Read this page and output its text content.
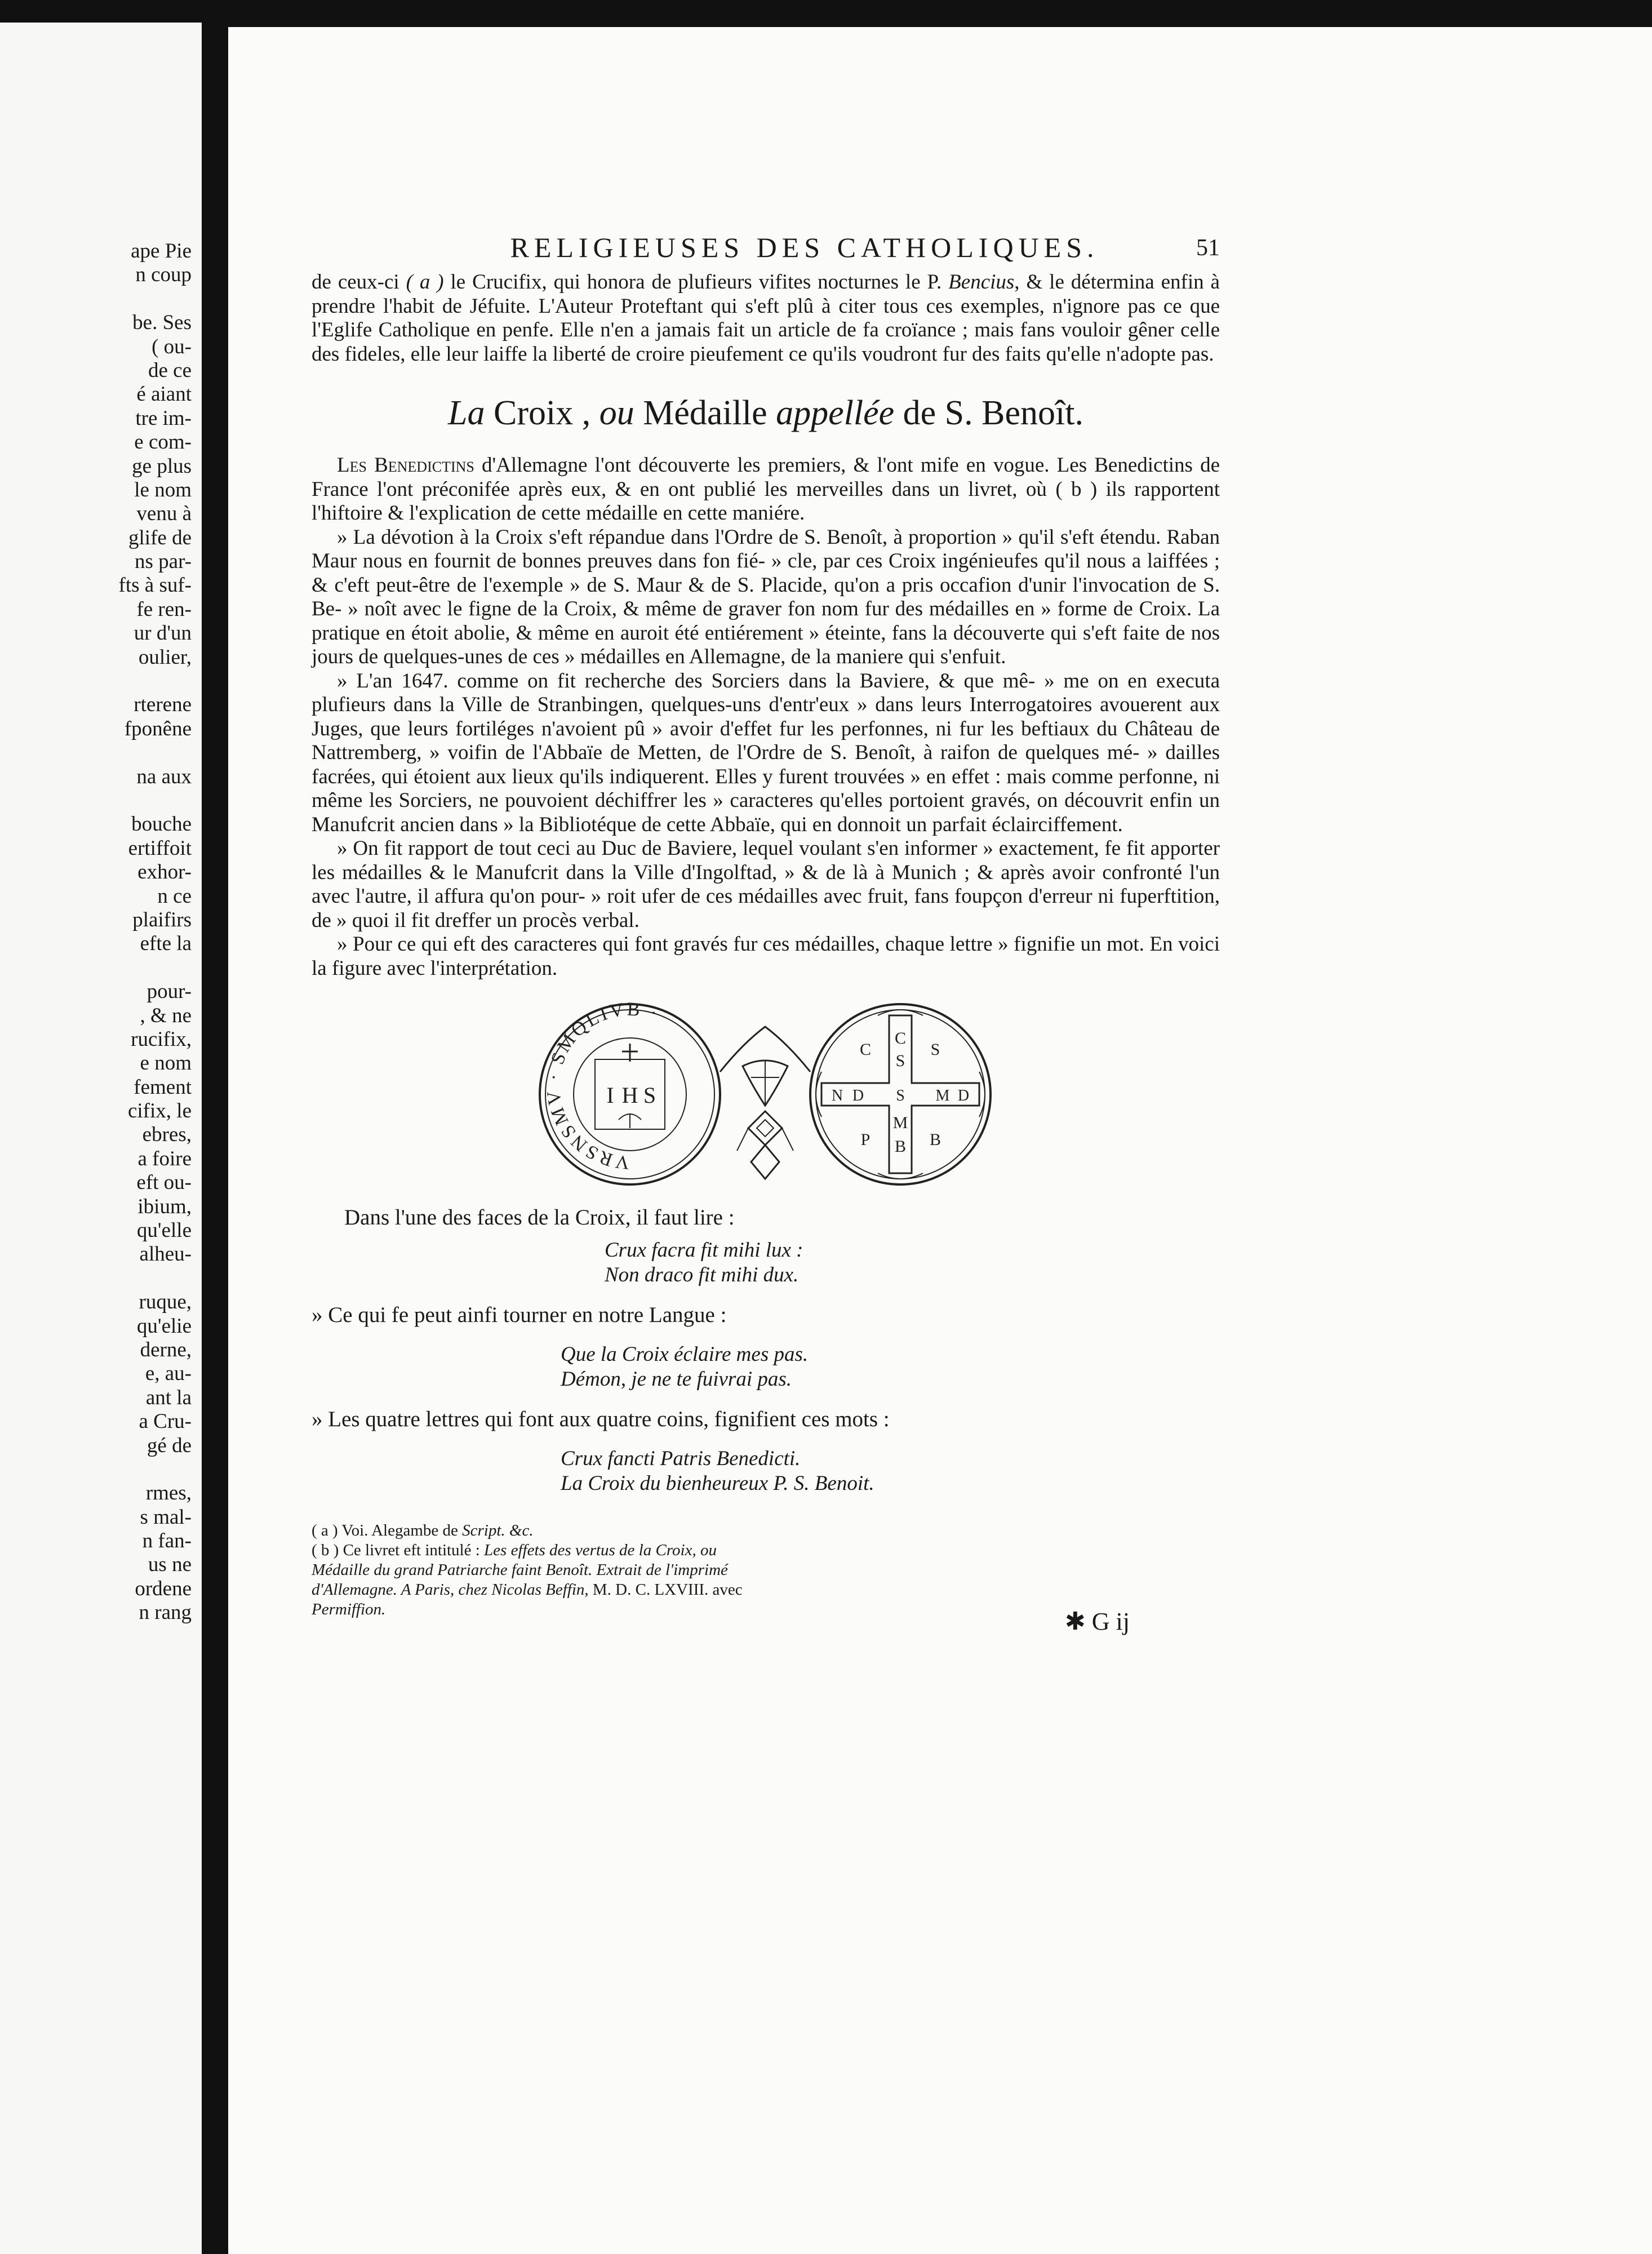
ape Pie
n coup

be. Ses
( ou-
de ce
é aiant
tre im-
e com-
ge plus
le nom
venu à
glife de
ns par-
fts à suf-
fe ren-
ur d'un
oulier,

rterene
fponêne

na aux

bouche
ertiffoit
exhor-
n ce
plaifirs
efte la

pour-
, & ne
rucifix,
e nom
fement
cifix, le
ebres,
a foire
eft ou-
ibium,
qu'elle
alheu-

ruque,
qu'elie
derne,
e, au-
ant la
a Cru-
gé de

rmes,
s mal-
n fan-
us ne
ordene
n rang
RELIGIEUSES DES CATHOLIQUES.	51

de ceux-ci ( a ) le Crucifix, qui honora de plufieurs vifites nocturnes le P. Bencius, & le détermina enfin à prendre l'habit de Jéfuite. L'Auteur Proteftant qui s'eft plû à citer tous ces exemples, n'ignore pas ce que l'Eglife Catholique en penfe. Elle n'en a jamais fait un article de fa croïance ; mais fans vouloir gêner celle des fideles, elle leur laiffe la liberté de croire pieufement ce qu'ils voudront fur des faits qu'elle n'adopte pas.

La Croix , ou Médaille appellée de S. Benoît.

Les Benedictins d'Allemagne l'ont découverte les premiers, & l'ont mife en vogue. Les Benedictins de France l'ont préconifée après eux, & en ont publié les merveilles dans un livret, où ( b ) ils rapportent l'hiftoire & l'explication de cette médaille en cette maniére.

» La dévotion à la Croix s'eft répandue dans l'Ordre de S. Benoît, à proportion » qu'il s'eft étendu. Raban Maur nous en fournit de bonnes preuves dans fon fié- » cle, par ces Croix ingénieufes qu'il nous a laiffées ; & c'eft peut-être de l'exemple » de S. Maur & de S. Placide, qu'on a pris occafion d'unir l'invocation de S. Be- » noît avec le figne de la Croix, & même de graver fon nom fur des médailles en » forme de Croix. La pratique en étoit abolie, & même en auroit été entiérement » éteinte, fans la découverte qui s'eft faite de nos jours de quelques-unes de ces » médailles en Allemagne, de la maniere qui s'enfuit.

» L'an 1647. comme on fit recherche des Sorciers dans la Baviere, & que mê- » me on en executa plufieurs dans la Ville de Stranbingen, quelques-uns d'entr'eux » dans leurs Interrogatoires avouerent aux Juges, que leurs fortiléges n'avoient pû » avoir d'effet fur les perfonnes, ni fur les beftiaux du Château de Nattremberg, » voifin de l'Abbaïe de Metten, de l'Ordre de S. Benoît, à raifon de quelques mé- » dailles facrées, qui étoient aux lieux qu'ils indiquerent. Elles y furent trouvées » en effet : mais comme perfonne, ni même les Sorciers, ne pouvoient déchiffrer les » caracteres qu'elles portoient gravés, on découvrit enfin un Manufcrit ancien dans » la Bibliotéque de cette Abbaïe, qui en donnoit un parfait éclairciffement.

» On fit rapport de tout ceci au Duc de Baviere, lequel voulant s'en informer » exactement, fe fit apporter les médailles & le Manufcrit dans la Ville d'Ingolftad, » & de là à Munich ; & après avoir confronté l'un avec l'autre, il affura qu'on pour- » roit ufer de ces médailles avec fruit, fans foupçon d'erreur ni fuperftition, de » quoi il fit dreffer un procès verbal.

» Pour ce qui eft des caracteres qui font gravés fur ces médailles, chaque lettre » fignifie un mot. En voici la figure avec l'interprétation.

VRSNSMV · SMQLIVB ·
I H S
C
S
M
B
N D S M D
C	S
P	B

Dans l'une des faces de la Croix, il faut lire :

Crux facra fit mihi lux :

Non draco fit mihi dux.

» Ce qui fe peut ainfi tourner en notre Langue :

Que la Croix éclaire mes pas.

Démon, je ne te fuivrai pas.

» Les quatre lettres qui font aux quatre coins, fignifient ces mots :

Crux fancti Patris Benedicti.

La Croix du bienheureux P. S. Benoit.

( a ) Voi. Alegambe de Script. &c.
( b ) Ce livret eft intitulé : Les effets des vertus de la Croix, ou Médaille du grand Patriarche faint Benoît. Extrait de l'imprimé d'Allemagne. A Paris, chez Nicolas Beffin, M. D. C. LXVIII. avec Permiffion.	✱ G ij
